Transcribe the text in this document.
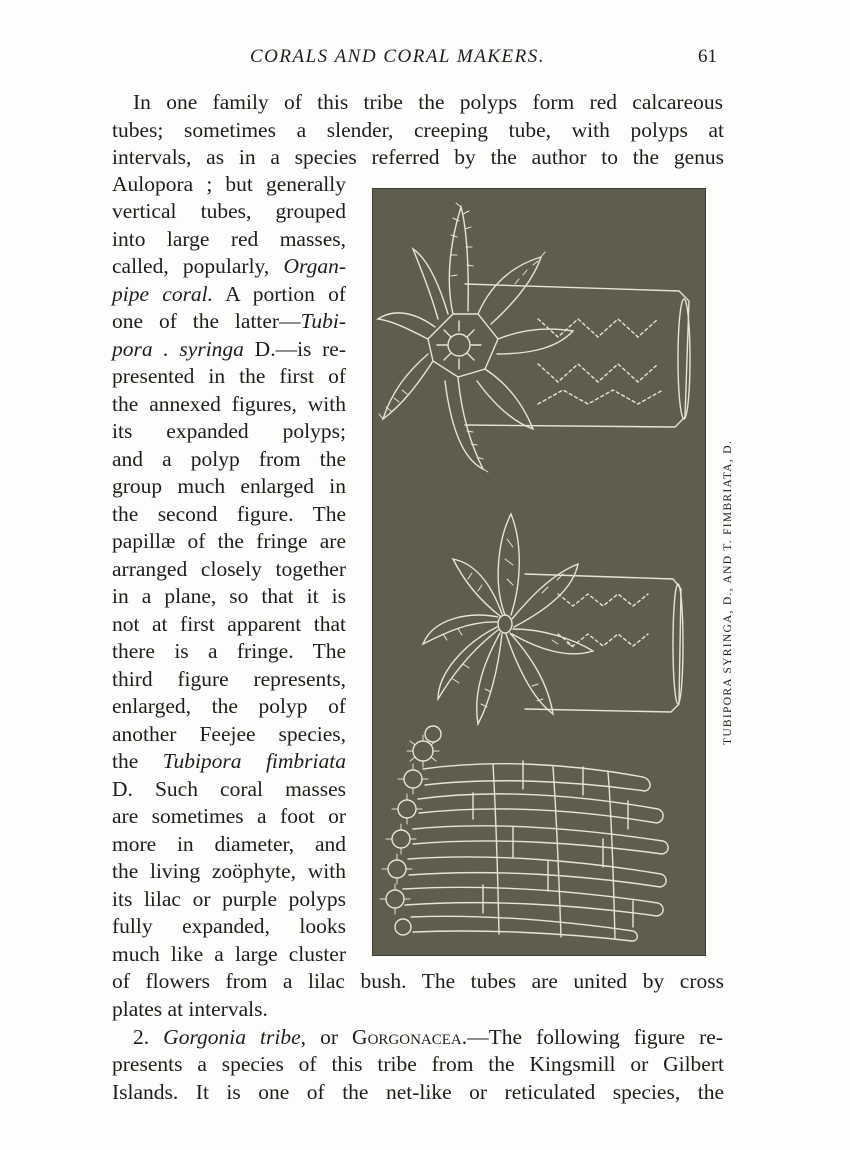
CORALS AND CORAL MAKERS.	61
In one family of this tribe the polyps form red calcareous
tubes; sometimes a slender, creeping tube, with polyps at
intervals, as in a species referred by the author to the genus
Aulopora ; but generally
vertical tubes, grouped
into large red masses,
called, popularly, Organ-
pipe coral. A portion of
one of the latter—Tubi-
pora . syringa D.—is re-
presented in the first of
the annexed figures, with
its expanded polyps;
and a polyp from the
group much enlarged in
the second figure. The
papillæ of the fringe are
arranged closely together
in a plane, so that it is
not at first apparent that
there is a fringe. The
third figure represents,
enlarged, the polyp of
another Feejee species,
the Tubipora fimbriata
D. Such coral masses
are sometimes a foot or
more in diameter, and
the living zoöphyte, with
its lilac or purple polyps
fully expanded, looks
much like a large cluster
of flowers from a lilac bush. The tubes are united by cross
plates at intervals.
2. Gorgonia tribe, or Gorgonacea.—The following figure re-
presents a species of this tribe from the Kingsmill or Gilbert
Islands. It is one of the net-like or reticulated species, the
TUBIPORA SYRINGA, D., AND T. FIMBRIATA, D.
